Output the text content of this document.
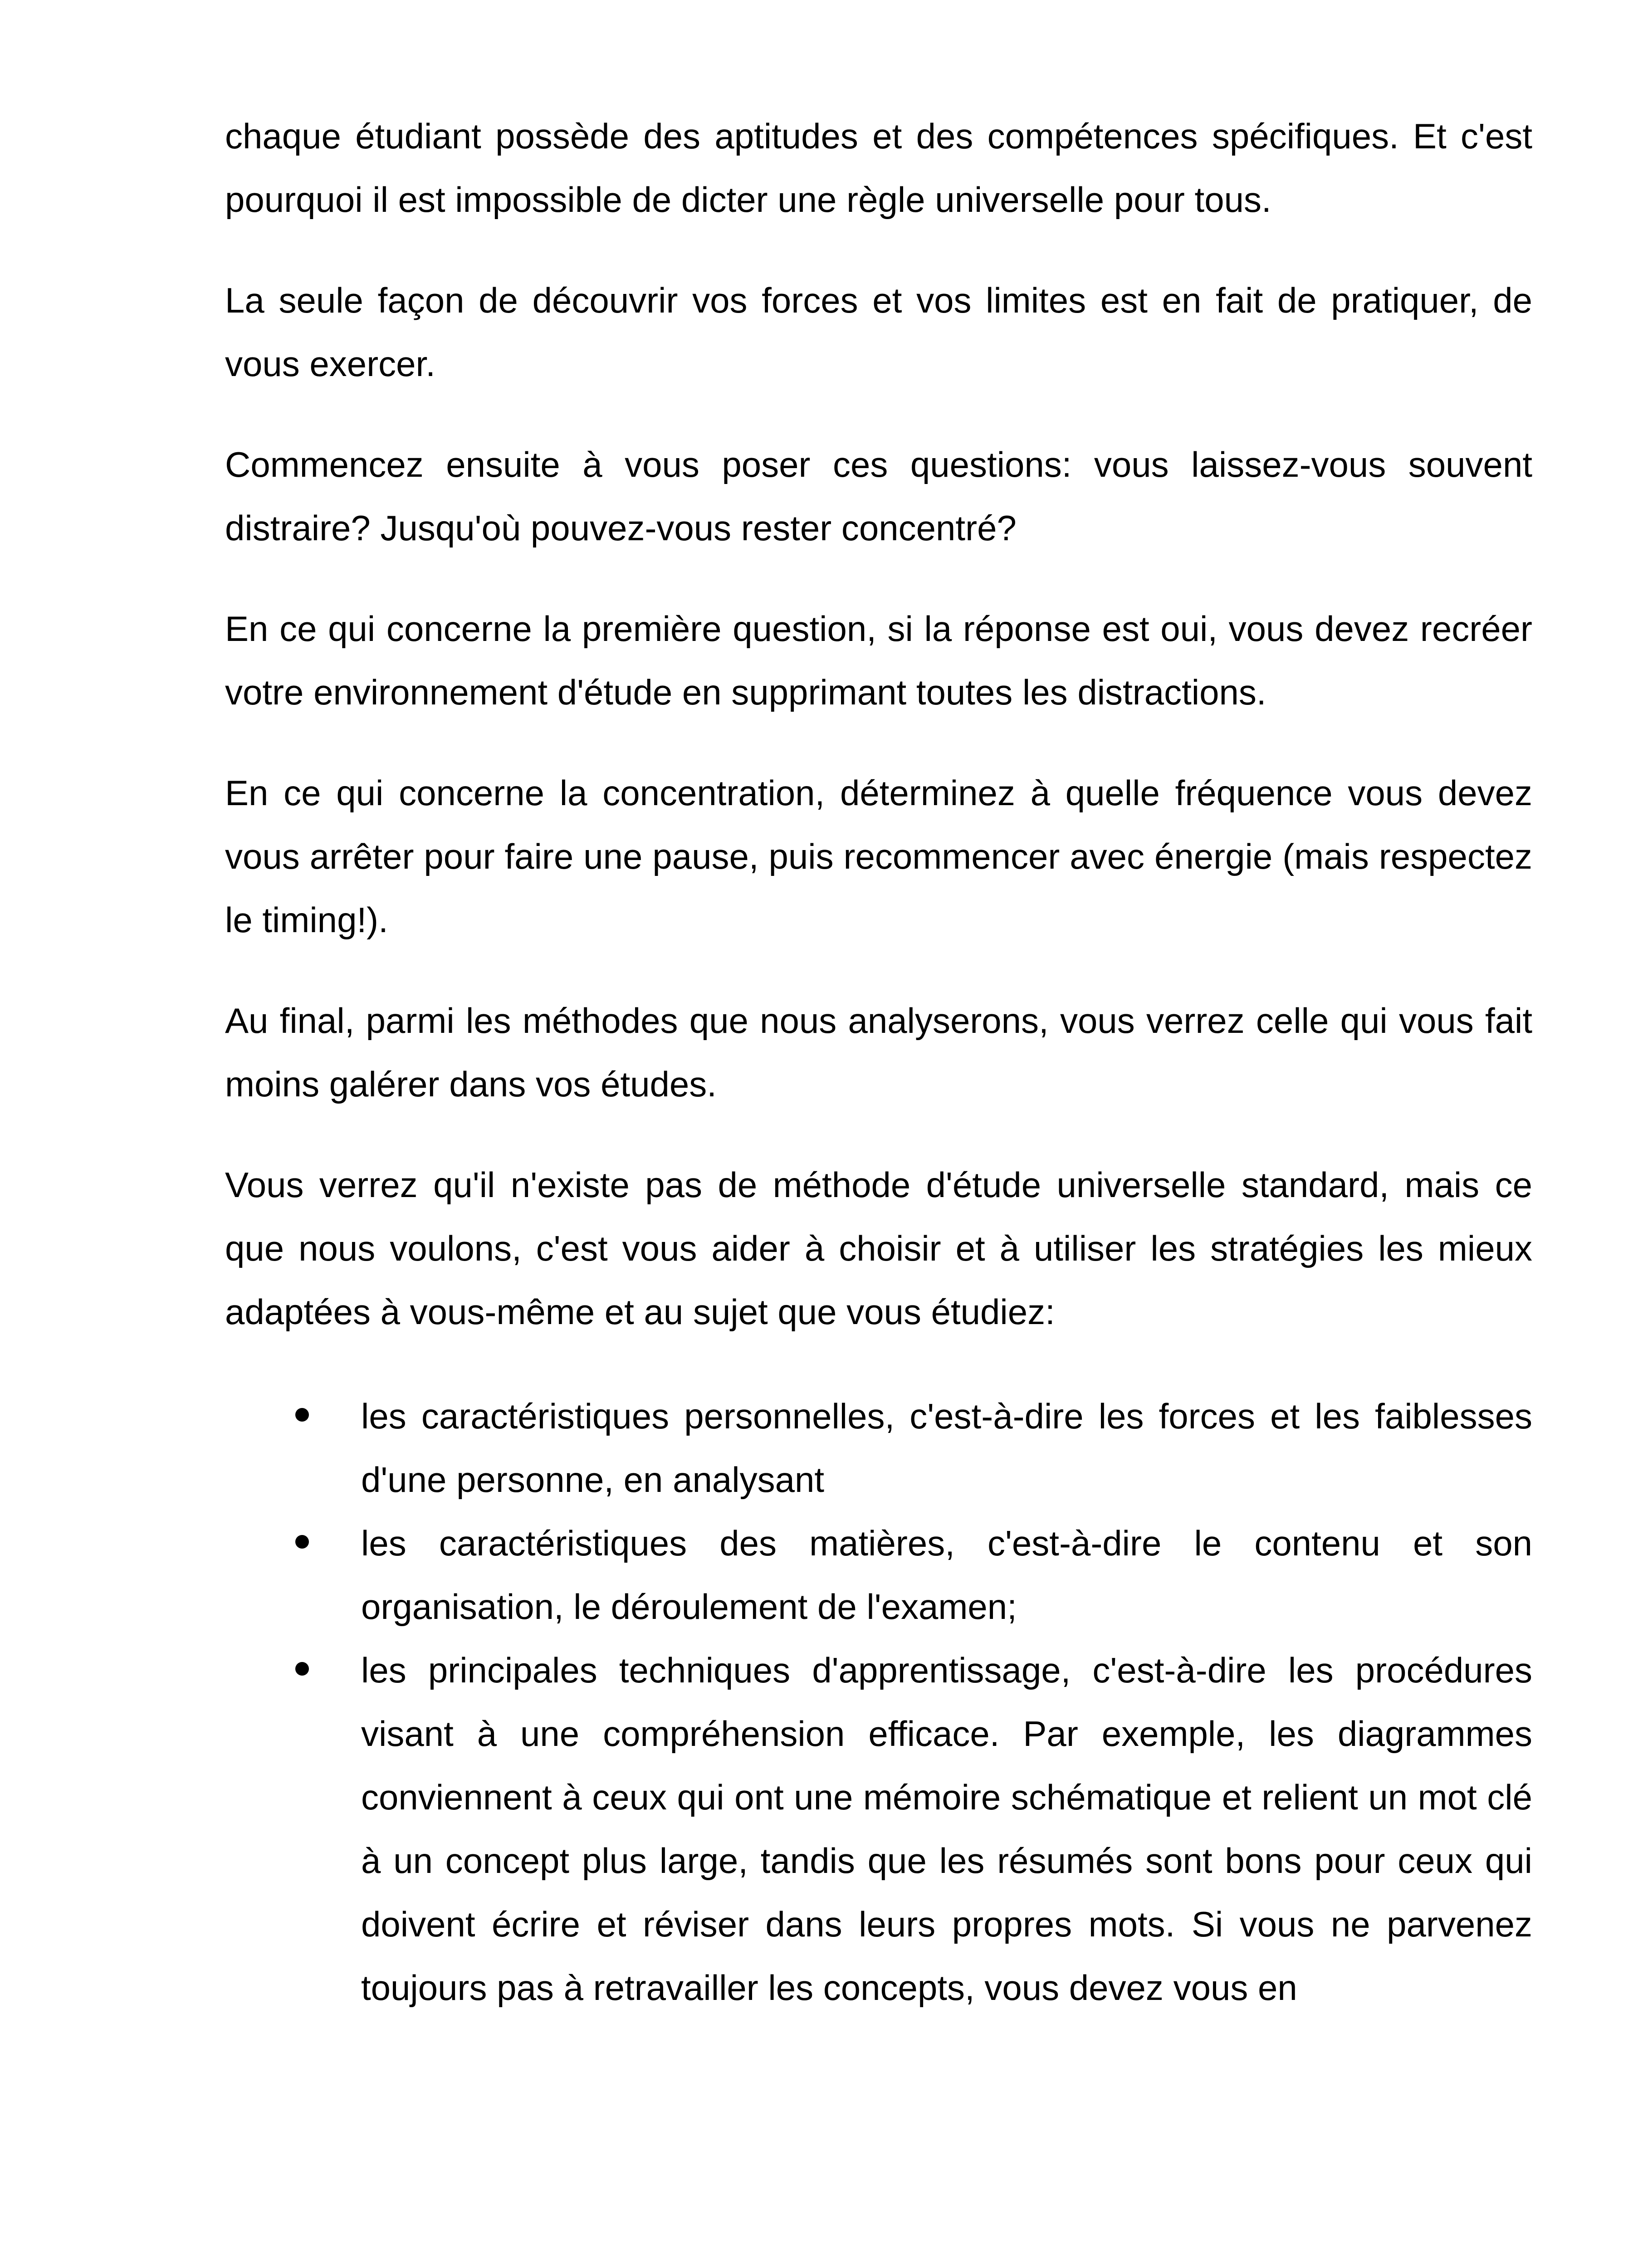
chaque étudiant possède des aptitudes et des compétences spécifiques. Et c'est pourquoi il est impossible de dicter une règle universelle pour tous.

La seule façon de découvrir vos forces et vos limites est en fait de pratiquer, de vous exercer.

Commencez ensuite à vous poser ces questions: vous laissez-vous souvent distraire? Jusqu'où pouvez-vous rester concentré?

En ce qui concerne la première question, si la réponse est oui, vous devez recréer votre environnement d'étude en supprimant toutes les distractions.

En ce qui concerne la concentration, déterminez à quelle fréquence vous devez vous arrêter pour faire une pause, puis recommencer avec énergie (mais respectez le timing!).

Au final, parmi les méthodes que nous analyserons, vous verrez celle qui vous fait moins galérer dans vos études.

Vous verrez qu'il n'existe pas de méthode d'étude universelle standard, mais ce que nous voulons, c'est vous aider à choisir et à utiliser les stratégies les mieux adaptées à vous-même et au sujet que vous étudiez:

les caractéristiques personnelles, c'est-à-dire les forces et les faiblesses d'une personne, en analysant
les caractéristiques des matières, c'est-à-dire le contenu et son organisation, le déroulement de l'examen;
les principales techniques d'apprentissage, c'est-à-dire les procédures visant à une compréhension efficace. Par exemple, les diagrammes conviennent à ceux qui ont une mémoire schématique et relient un mot clé à un concept plus large, tandis que les résumés sont bons pour ceux qui doivent écrire et réviser dans leurs propres mots. Si vous ne parvenez toujours pas à retravailler les concepts, vous devez vous en
